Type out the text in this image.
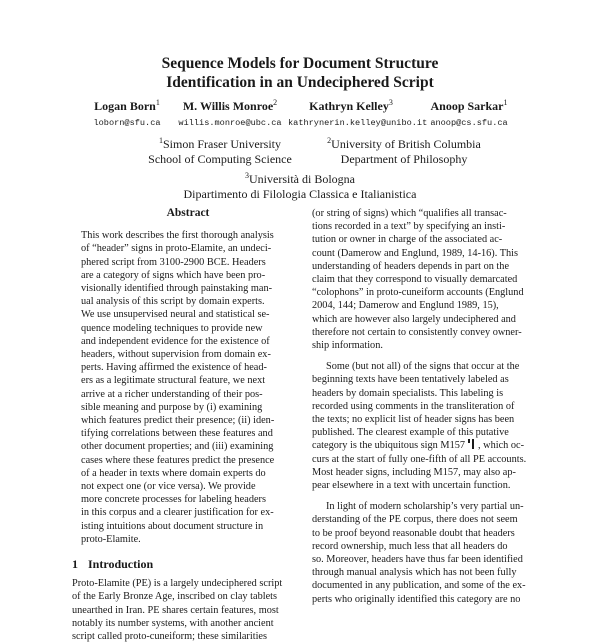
Sequence Models for Document Structure
Identification in an Undeciphered Script
Logan Born$^1$
loborn@sfu.ca
M. Willis Monroe$^2$
willis.monroe@ubc.ca
Kathryn Kelley$^3$
kathrynerin.kelley@unibo.it
Anoop Sarkar$^1$
anoop@cs.sfu.ca
$^1$Simon Fraser University
School of Computing Science
$^2$University of British Columbia
Department of Philosophy
$^3$Università di Bologna
Dipartimento di Filologia Classica e Italianistica
Abstract
This work describes the first thorough analysis
of “header” signs in proto-Elamite, an undeci-
phered script from 3100-2900 BCE. Headers
are a category of signs which have been pro-
visionally identified through painstaking man-
ual analysis of this script by domain experts.
We use unsupervised neural and statistical se-
quence modeling techniques to provide new
and independent evidence for the existence of
headers, without supervision from domain ex-
perts. Having affirmed the existence of head-
ers as a legitimate structural feature, we next
arrive at a richer understanding of their pos-
sible meaning and purpose by (i) examining
which features predict their presence; (ii) iden-
tifying correlations between these features and
other document properties; and (iii) examining
cases where these features predict the presence
of a header in texts where domain experts do
not expect one (or vice versa). We provide
more concrete processes for labeling headers
in this corpus and a clearer justification for ex-
isting intuitions about document structure in
proto-Elamite.
1 Introduction
Proto-Elamite (PE) is a largely undeciphered script
of the Early Bronze Age, inscribed on clay tablets
unearthed in Iran. PE shares certain features, most
notably its number systems, with another ancient
script called proto-cuneiform; these similarities
(or string of signs) which “qualifies all transac-
tions recorded in a text” by specifying an insti-
tution or owner in charge of the associated ac-
count (Damerow and Englund, 1989, 14-16). This
understanding of headers depends in part on the
claim that they correspond to visually demarcated
“colophons” in proto-cuneiform accounts (Englund
2004, 144; Damerow and Englund 1989, 15),
which are however also largely undeciphered and
therefore not certain to consistently convey owner-
ship information.
Some (but not all) of the signs that occur at the
beginning texts have been tentatively labeled as
headers by domain specialists. This labeling is
recorded using comments in the transliteration of
the texts; no explicit list of header signs has been
published. The clearest example of this putative
category is the ubiquitous sign M157 , which oc-
curs at the start of fully one-fifth of all PE accounts.
Most header signs, including M157, may also ap-
pear elsewhere in a text with uncertain function.
In light of modern scholarship’s very partial un-
derstanding of the PE corpus, there does not seem
to be proof beyond reasonable doubt that headers
record ownership, much less that all headers do
so. Moreover, headers have thus far been identified
through manual analysis which has not been fully
documented in any publication, and some of the ex-
perts who originally identified this category are no
